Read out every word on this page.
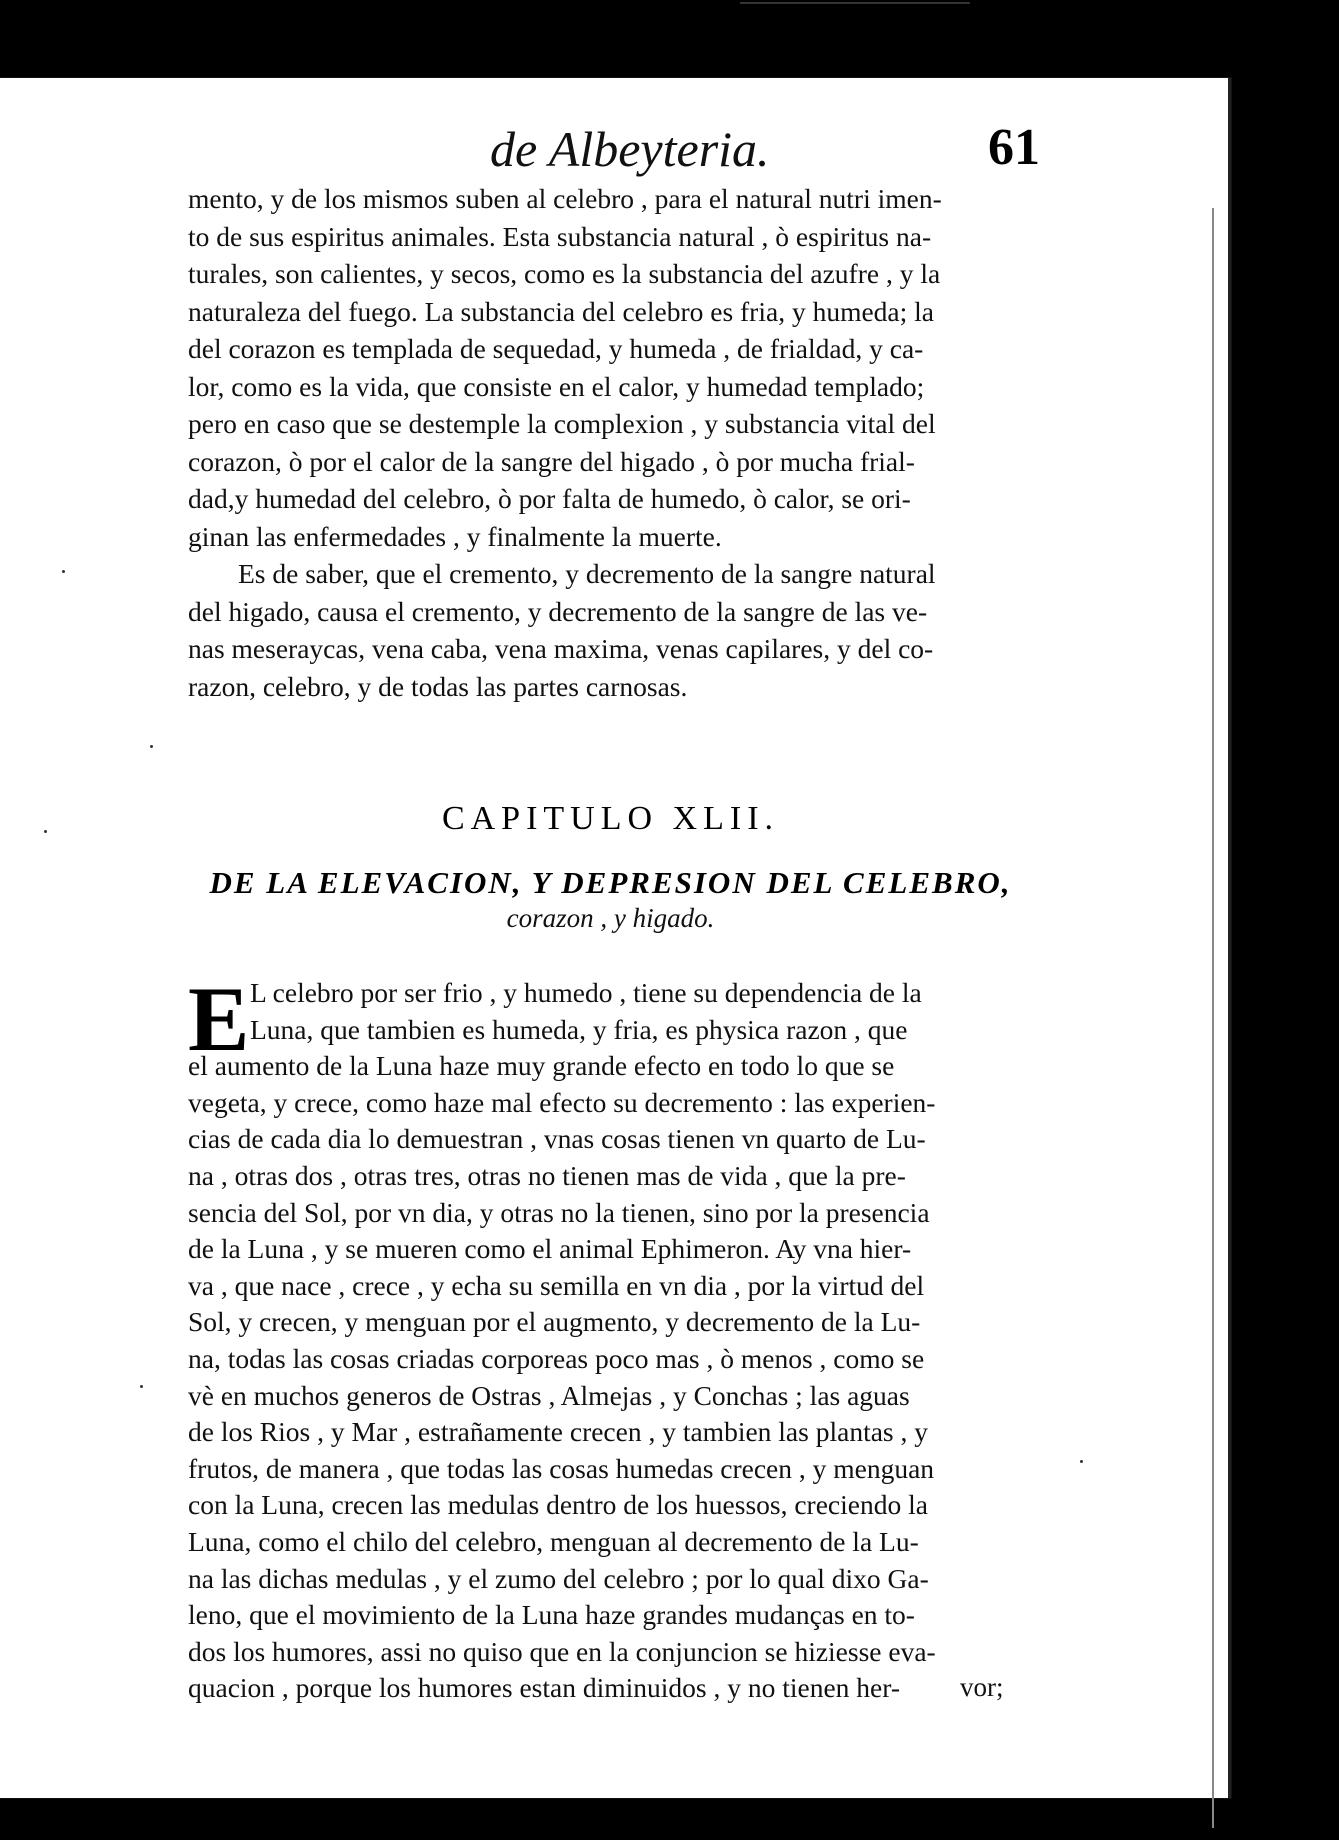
de Albeyteria.	61
mento, y de los mismos suben al celebro , para el natural nutri imen-
to de sus espiritus animales. Esta substancia natural , ò espiritus na-
turales, son calientes, y secos, como es la substancia del azufre , y la
naturaleza del fuego. La substancia del celebro es fria, y humeda; la
del corazon es templada de sequedad, y humeda , de frialdad, y ca-
lor, como es la vida, que consiste en el calor, y humedad templado;
pero en caso que se destemple la complexion , y substancia vital del
corazon, ò por el calor de la sangre del higado , ò por mucha frial-
dad,y humedad del celebro, ò por falta de humedo, ò calor, se ori-
ginan las enfermedades , y finalmente la muerte.
Es de saber, que el cremento, y decremento de la sangre natural
del higado, causa el cremento, y decremento de la sangre de las ve-
nas meseraycas, vena caba, vena maxima, venas capilares, y del co-
razon, celebro, y de todas las partes carnosas.
CAPITULO XLII.
DE LA ELEVACION, Y DEPRESION DEL CELEBRO,
corazon , y higado.
E L celebro por ser frio , y humedo , tiene su dependencia de la
Luna, que tambien es humeda, y fria, es physica razon , que
el aumento de la Luna haze muy grande efecto en todo lo que se
vegeta, y crece, como haze mal efecto su decremento : las experien-
cias de cada dia lo demuestran , vnas cosas tienen vn quarto de Lu-
na , otras dos , otras tres, otras no tienen mas de vida , que la pre-
sencia del Sol, por vn dia, y otras no la tienen, sino por la presencia
de la Luna , y se mueren como el animal Ephimeron. Ay vna hier-
va , que nace , crece , y echa su semilla en vn dia , por la virtud del
Sol, y crecen, y menguan por el augmento, y decremento de la Lu-
na, todas las cosas criadas corporeas poco mas , ò menos , como se
vè en muchos generos de Ostras , Almejas , y Conchas ; las aguas
de los Rios , y Mar , estrañamente crecen , y tambien las plantas , y
frutos, de manera , que todas las cosas humedas crecen , y menguan
con la Luna, crecen las medulas dentro de los huessos, creciendo la
Luna, como el chilo del celebro, menguan al decremento de la Lu-
na las dichas medulas , y el zumo del celebro ; por lo qual dixo Ga-
leno, que el movimiento de la Luna haze grandes mudanças en to-
dos los humores, assi no quiso que en la conjuncion se hiziesse eva-
quacion , porque los humores estan diminuidos , y no tienen her-	vor;
